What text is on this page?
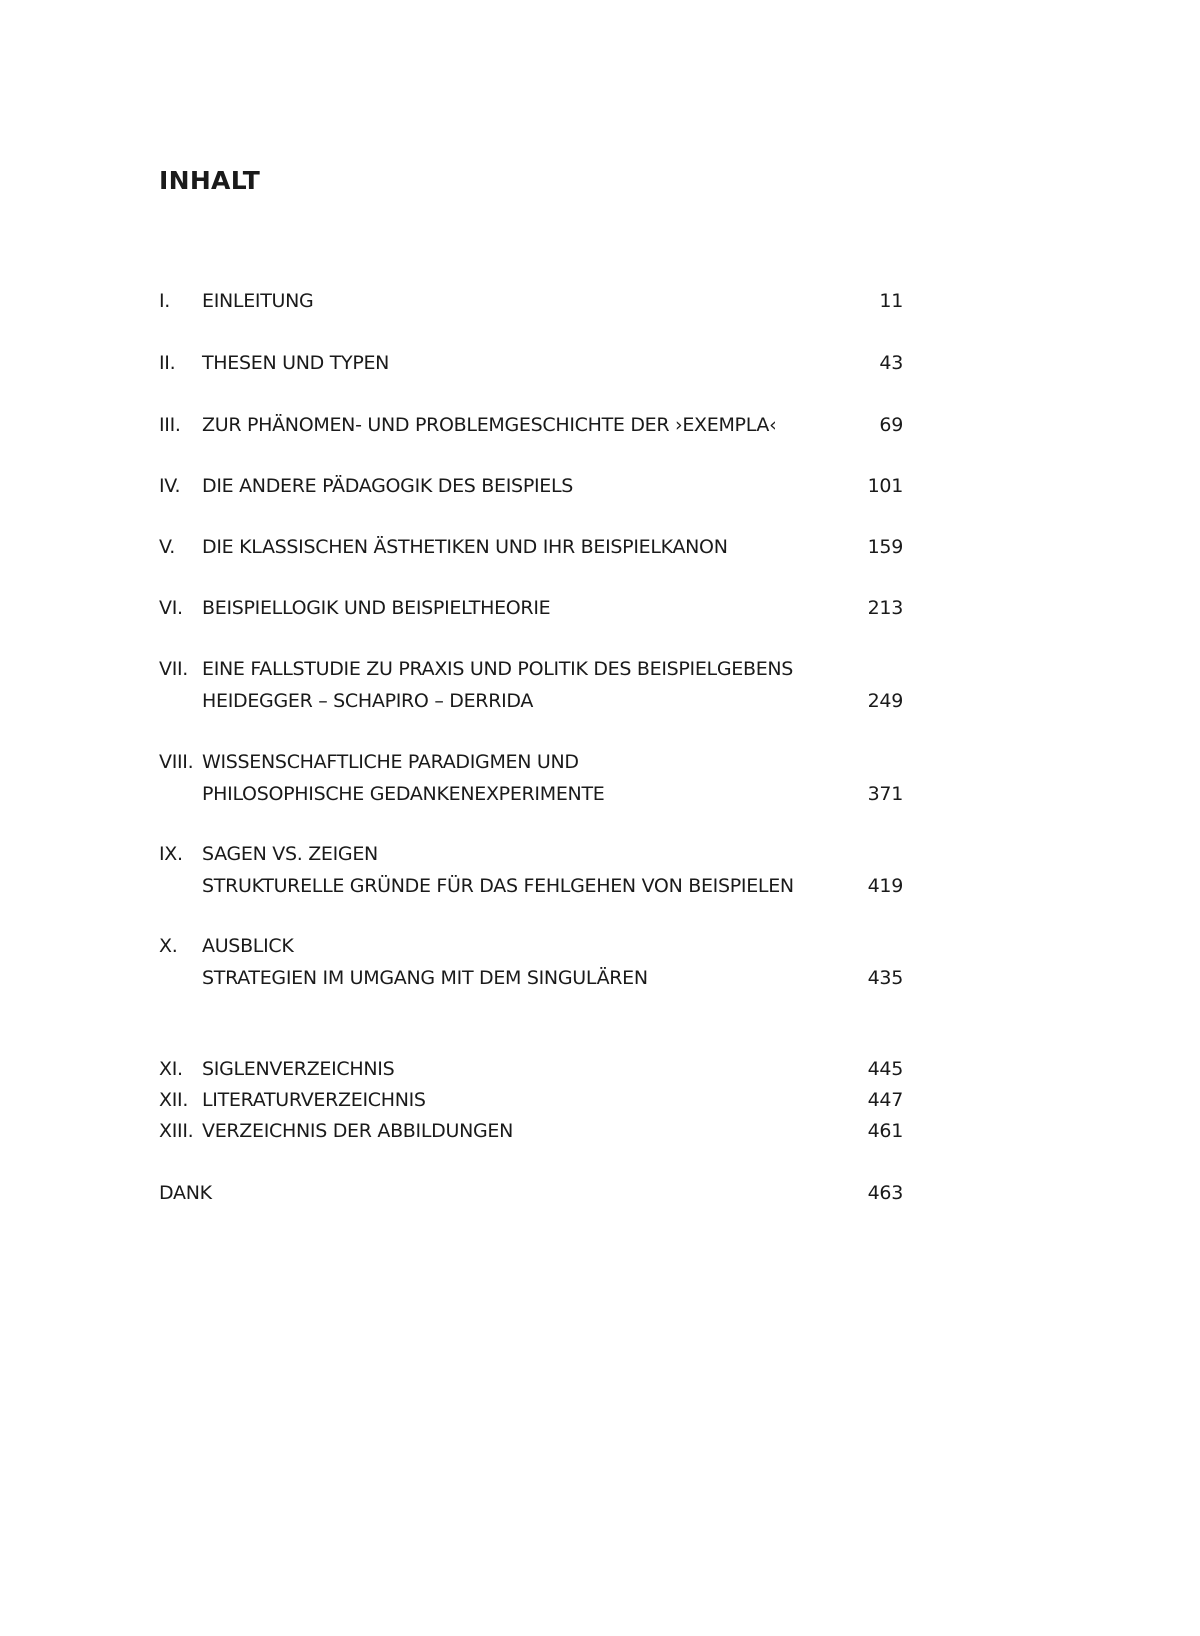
INHALT
I.	EINLEITUNG	11
II.	THESEN UND TYPEN	43
III.	ZUR PHÄNOMEN- UND PROBLEMGESCHICHTE DER ›EXEMPLA‹	69
IV.	DIE ANDERE PÄDAGOGIK DES BEISPIELS	101
V.	DIE KLASSISCHEN ÄSTHETIKEN UND IHR BEISPIELKANON	159
VI.	BEISPIELLOGIK UND BEISPIELTHEORIE	213
VII. EINE FALLSTUDIE ZU PRAXIS UND POLITIK DES BEISPIELGEBENS
HEIDEGGER – SCHAPIRO – DERRIDA	249
VIII. WISSENSCHAFTLICHE PARADIGMEN UND
PHILOSOPHISCHE GEDANKENEXPERIMENTE	371
IX.	SAGEN VS. ZEIGEN
STRUKTURELLE GRÜNDE FÜR DAS FEHLGEHEN VON BEISPIELEN	419
X.	AUSBLICK
STRATEGIEN IM UMGANG MIT DEM SINGULÄREN	435
XI.	SIGLENVERZEICHNIS	445
XII. LITERATURVERZEICHNIS	447
XIII. VERZEICHNIS DER ABBILDUNGEN	461
DANK	463
